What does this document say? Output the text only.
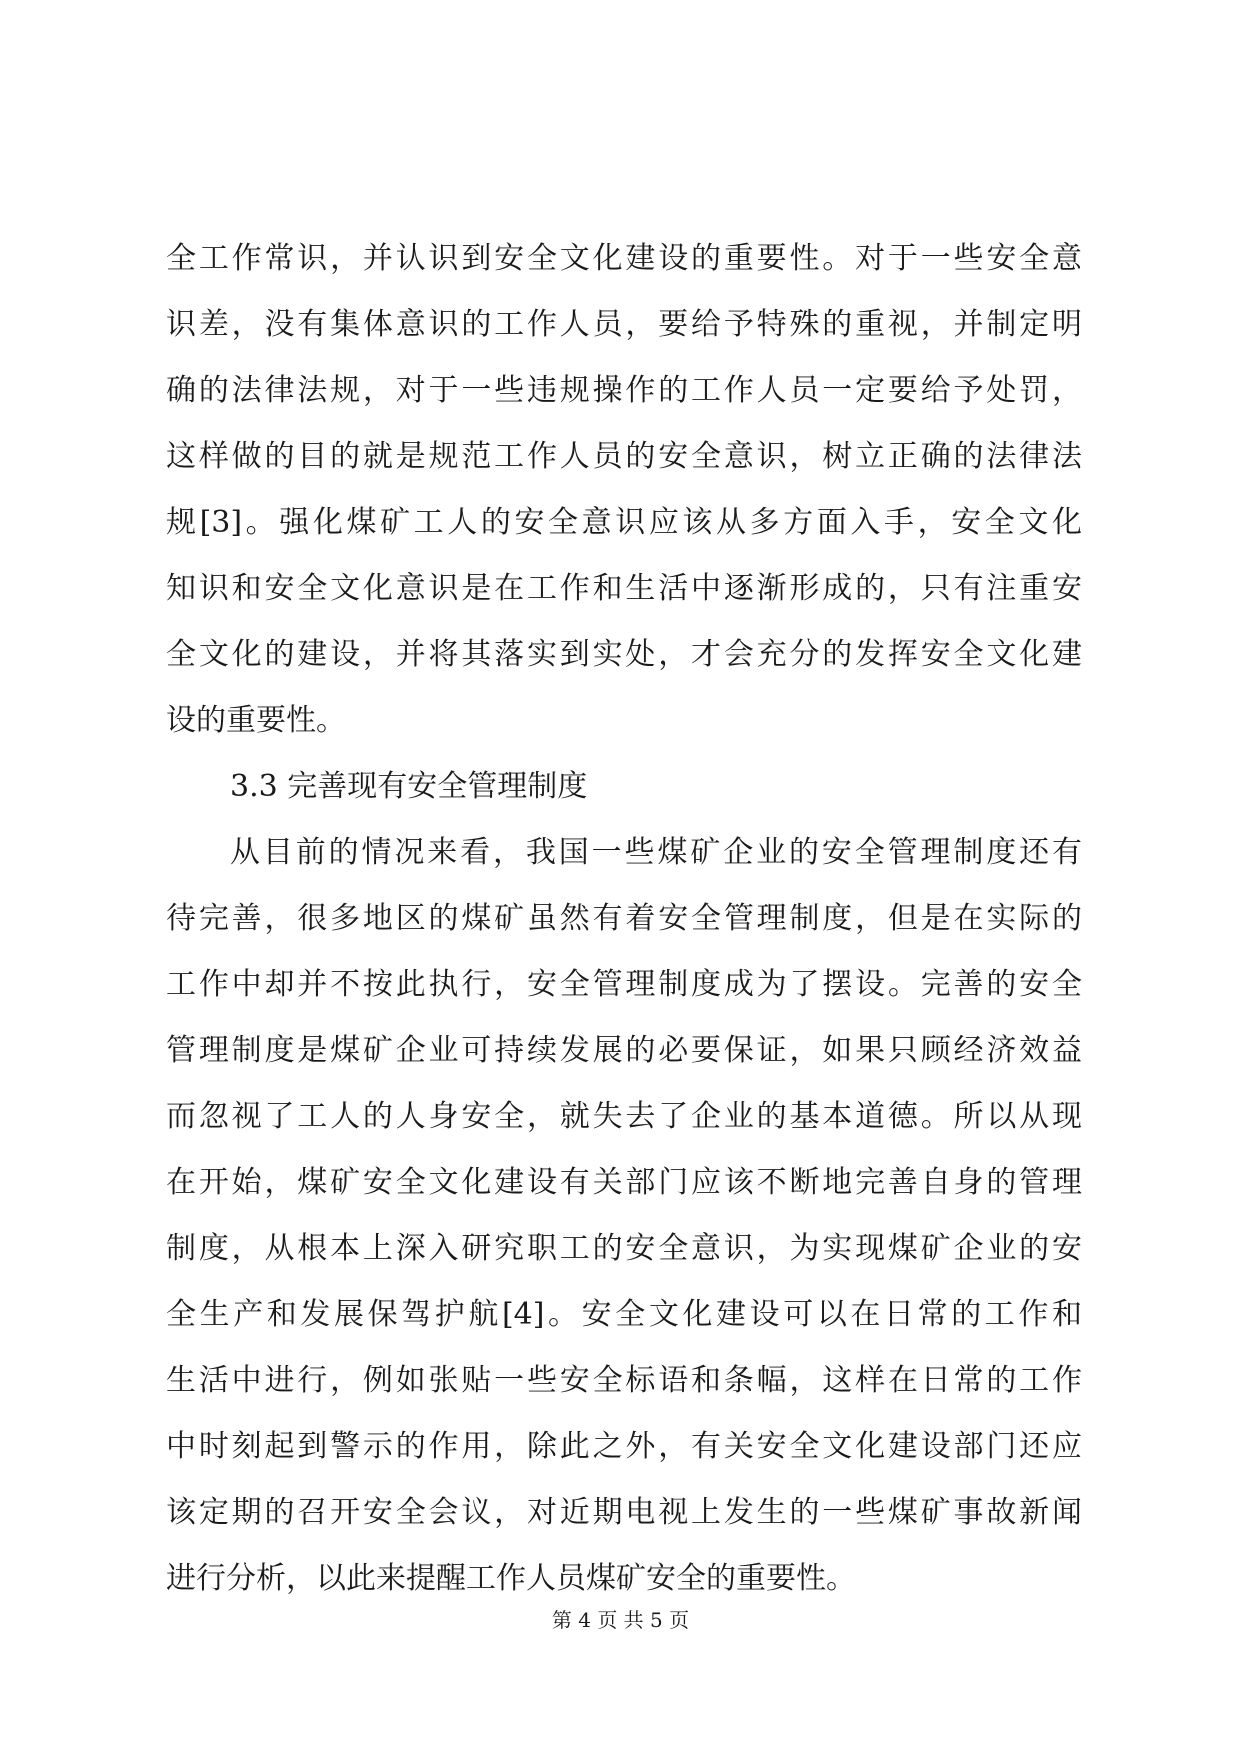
全工作常识，并认识到安全文化建设的重要性。对于一些安全意
识差，没有集体意识的工作人员，要给予特殊的重视，并制定明
确的法律法规，对于一些违规操作的工作人员一定要给予处罚，
这样做的目的就是规范工作人员的安全意识，树立正确的法律法
规[3]。强化煤矿工人的安全意识应该从多方面入手，安全文化
知识和安全文化意识是在工作和生活中逐渐形成的，只有注重安
全文化的建设，并将其落实到实处，才会充分的发挥安全文化建
设的重要性。
3.3 完善现有安全管理制度
从目前的情况来看，我国一些煤矿企业的安全管理制度还有
待完善，很多地区的煤矿虽然有着安全管理制度，但是在实际的
工作中却并不按此执行，安全管理制度成为了摆设。完善的安全
管理制度是煤矿企业可持续发展的必要保证，如果只顾经济效益
而忽视了工人的人身安全，就失去了企业的基本道德。所以从现
在开始，煤矿安全文化建设有关部门应该不断地完善自身的管理
制度，从根本上深入研究职工的安全意识，为实现煤矿企业的安
全生产和发展保驾护航[4]。安全文化建设可以在日常的工作和
生活中进行，例如张贴一些安全标语和条幅，这样在日常的工作
中时刻起到警示的作用，除此之外，有关安全文化建设部门还应
该定期的召开安全会议，对近期电视上发生的一些煤矿事故新闻
进行分析，以此来提醒工作人员煤矿安全的重要性。
第 4 页 共 5 页
